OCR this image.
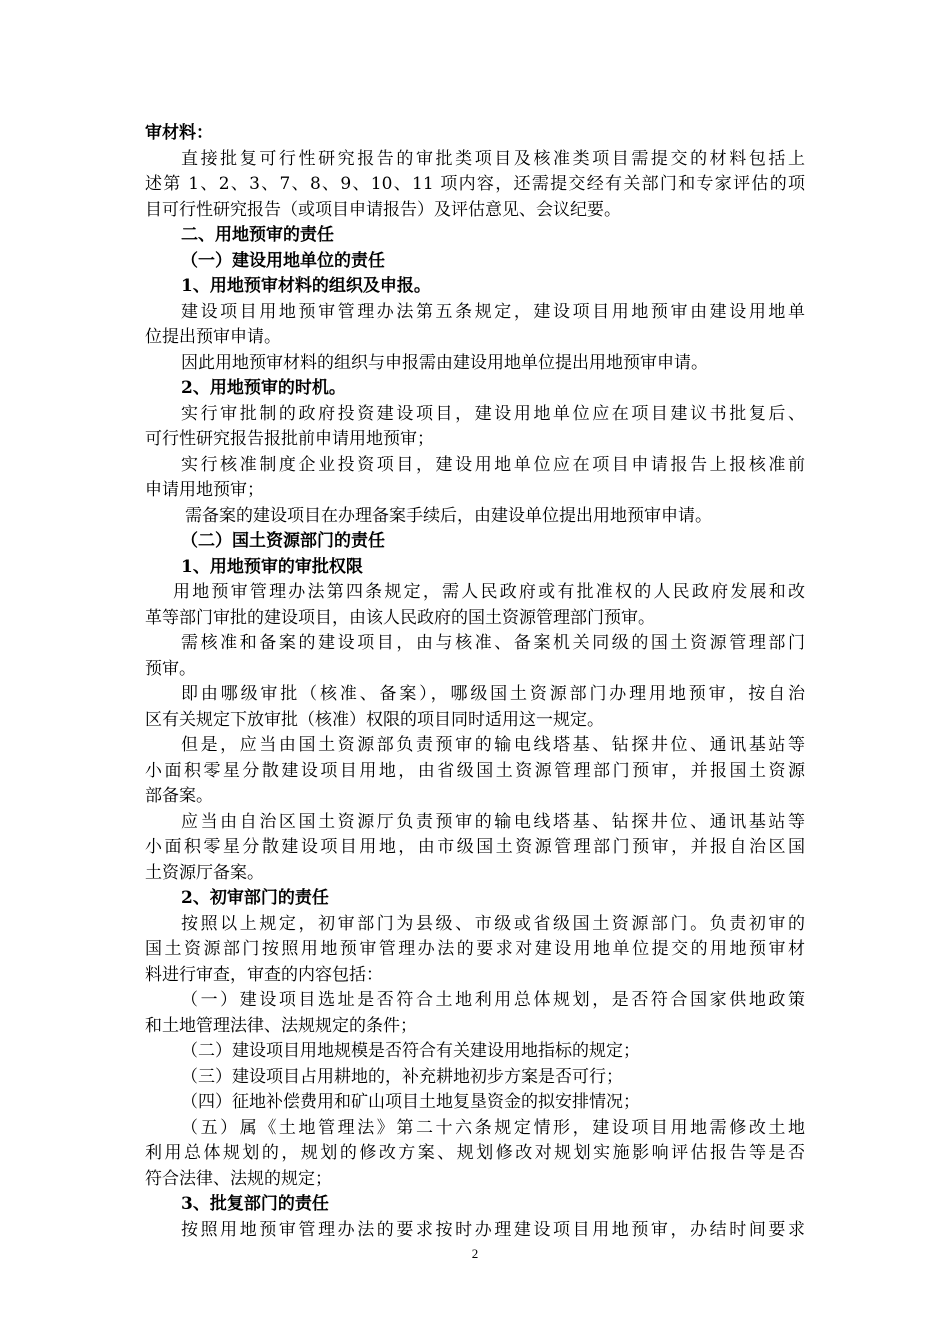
审材料：

直接批复可行性研究报告的审批类项目及核准类项目需提交的材料包括上

述第 1、2、3、7、8、9、10、11 项内容，还需提交经有关部门和专家评估的项

目可行性研究报告（或项目申请报告）及评估意见、会议纪要。

二、用地预审的责任

（一）建设用地单位的责任

1、用地预审材料的组织及申报。

建设项目用地预审管理办法第五条规定，建设项目用地预审由建设用地单

位提出预审申请。

因此用地预审材料的组织与申报需由建设用地单位提出用地预审申请。

2、用地预审的时机。

实行审批制的政府投资建设项目，建设用地单位应在项目建议书批复后、

可行性研究报告报批前申请用地预审；

实行核准制度企业投资项目，建设用地单位应在项目申请报告上报核准前

申请用地预审；

需备案的建设项目在办理备案手续后，由建设单位提出用地预审申请。

（二）国土资源部门的责任

1、用地预审的审批权限

用地预审管理办法第四条规定，需人民政府或有批准权的人民政府发展和改

革等部门审批的建设项目，由该人民政府的国土资源管理部门预审。

需核准和备案的建设项目，由与核准、备案机关同级的国土资源管理部门

预审。

即由哪级审批（核准、备案），哪级国土资源部门办理用地预审，按自治

区有关规定下放审批（核准）权限的项目同时适用这一规定。

但是，应当由国土资源部负责预审的输电线塔基、钻探井位、通讯基站等

小面积零星分散建设项目用地，由省级国土资源管理部门预审，并报国土资源

部备案。

应当由自治区国土资源厅负责预审的输电线塔基、钻探井位、通讯基站等

小面积零星分散建设项目用地，由市级国土资源管理部门预审，并报自治区国

土资源厅备案。

2、初审部门的责任

按照以上规定，初审部门为县级、市级或省级国土资源部门。负责初审的

国土资源部门按照用地预审管理办法的要求对建设用地单位提交的用地预审材

料进行审查，审查的内容包括：

（一）建设项目选址是否符合土地利用总体规划，是否符合国家供地政策

和土地管理法律、法规规定的条件；

（二）建设项目用地规模是否符合有关建设用地指标的规定；

（三）建设项目占用耕地的，补充耕地初步方案是否可行；

（四）征地补偿费用和矿山项目土地复垦资金的拟安排情况；

（五）属《土地管理法》第二十六条规定情形，建设项目用地需修改土地

利用总体规划的，规划的修改方案、规划修改对规划实施影响评估报告等是否

符合法律、法规的规定；

3、批复部门的责任

按照用地预审管理办法的要求按时办理建设项目用地预审，办结时间要求

2
